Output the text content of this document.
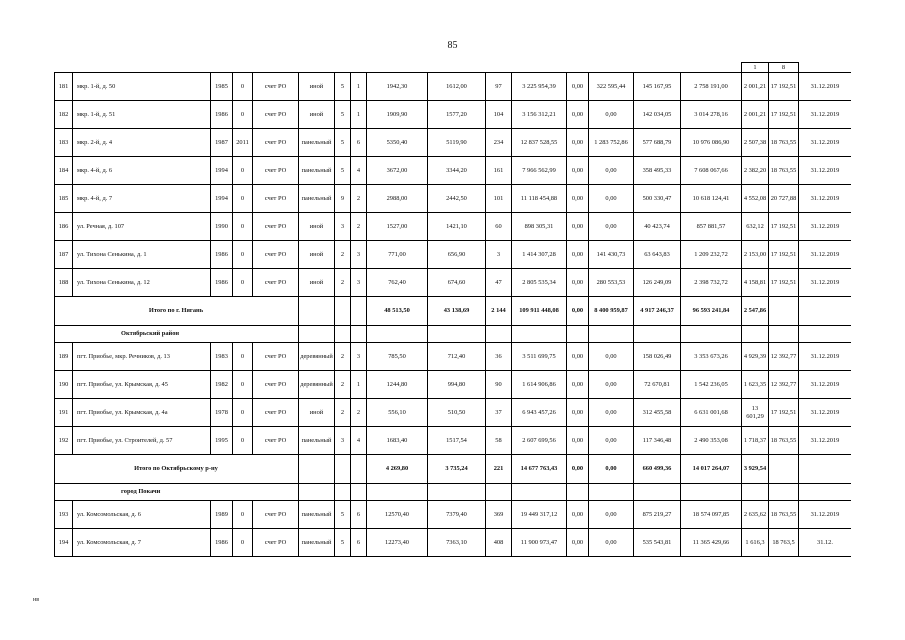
85
																1	8	
181	мкр. 1-й, д. 50	1985	0	счет РО	иной	5	1	1942,30	1612,00	97	3 225 954,39	0,00	322 595,44	145 167,95	2 758 191,00	2 001,21	17 192,51	31.12.2019
182	мкр. 1-й, д. 51	1986	0	счет РО	иной	5	1	1909,90	1577,20	104	3 156 312,21	0,00	0,00	142 034,05	3 014 278,16	2 001,21	17 192,51	31.12.2019
183	мкр. 2-й, д. 4	1987	2011	счет РО	панельный	5	6	5350,40	5119,90	234	12 837 528,55	0,00	1 283 752,86	577 688,79	10 976 086,90	2 507,38	18 763,55	31.12.2019
184	мкр. 4-й, д. 6	1994	0	счет РО	панельный	5	4	3672,00	3344,20	161	7 966 562,99	0,00	0,00	358 495,33	7 608 067,66	2 382,20	18 763,55	31.12.2019
185	мкр. 4-й, д. 7	1994	0	счет РО	панельный	9	2	2988,00	2442,50	101	11 118 454,88	0,00	0,00	500 330,47	10 618 124,41	4 552,08	20 727,88	31.12.2019
186	ул. Речная, д. 107	1990	0	счет РО	иной	3	2	1527,00	1421,10	60	898 305,31	0,00	0,00	40 423,74	857 881,57	632,12	17 192,51	31.12.2019
187	ул. Тихона Сенькина, д. 1	1986	0	счет РО	иной	2	3	771,00	656,90	3	1 414 307,28	0,00	141 430,73	63 643,83	1 209 232,72	2 153,00	17 192,51	31.12.2019
188	ул. Тихона Сенькина, д. 12	1986	0	счет РО	иной	2	3	762,40	674,60	47	2 805 535,34	0,00	280 553,53	126 249,09	2 398 732,72	4 158,81	17 192,51	31.12.2019
Итого по г. Нягань								48 513,50	43 138,69	2 144	109 911 448,08	0,00	8 400 959,87	4 917 246,37	96 593 241,84	2 547,86		
Октябрьский район																		
189	пгт. Приобье, мкр. Речников, д. 13	1983	0	счет РО	деревянный	2	3	785,50	712,40	36	3 511 699,75	0,00	0,00	158 026,49	3 353 673,26	4 929,39	12 392,77	31.12.2019
190	пгт. Приобье, ул. Крымская, д. 45	1982	0	счет РО	деревянный	2	1	1244,80	994,80	90	1 614 906,86	0,00	0,00	72 670,81	1 542 236,05	1 623,35	12 392,77	31.12.2019
191	пгт. Приобье, ул. Крымская, д. 4а	1978	0	счет РО	иной	2	2	556,10	510,50	37	6 943 457,26	0,00	0,00	312 455,58	6 631 001,68	13 601,29	17 192,51	31.12.2019
192	пгт. Приобье, ул. Строителей, д. 57	1995	0	счет РО	панельный	3	4	1683,40	1517,54	58	2 607 699,56	0,00	0,00	117 346,48	2 490 353,08	1 718,37	18 763,55	31.12.2019
Итого по Октябрьскому р-ну								4 269,80	3 735,24	221	14 677 763,43	0,00	0,00	660 499,36	14 017 264,07	3 929,54		
город Покачи																		
193	ул. Комсомольская, д. 6	1989	0	счет РО	панельный	5	6	12570,40	7379,40	369	19 449 317,12	0,00	0,00	875 219,27	18 574 097,85	2 635,62	18 763,55	31.12.2019
194	ул. Комсомольская, д. 7	1986	0	счет РО	панельный	5	6	12273,40	7363,10	408	11 900 973,47	0,00	0,00	535 543,81	11 365 429,66	1 616,3	18 763,5	31.12.
нв
